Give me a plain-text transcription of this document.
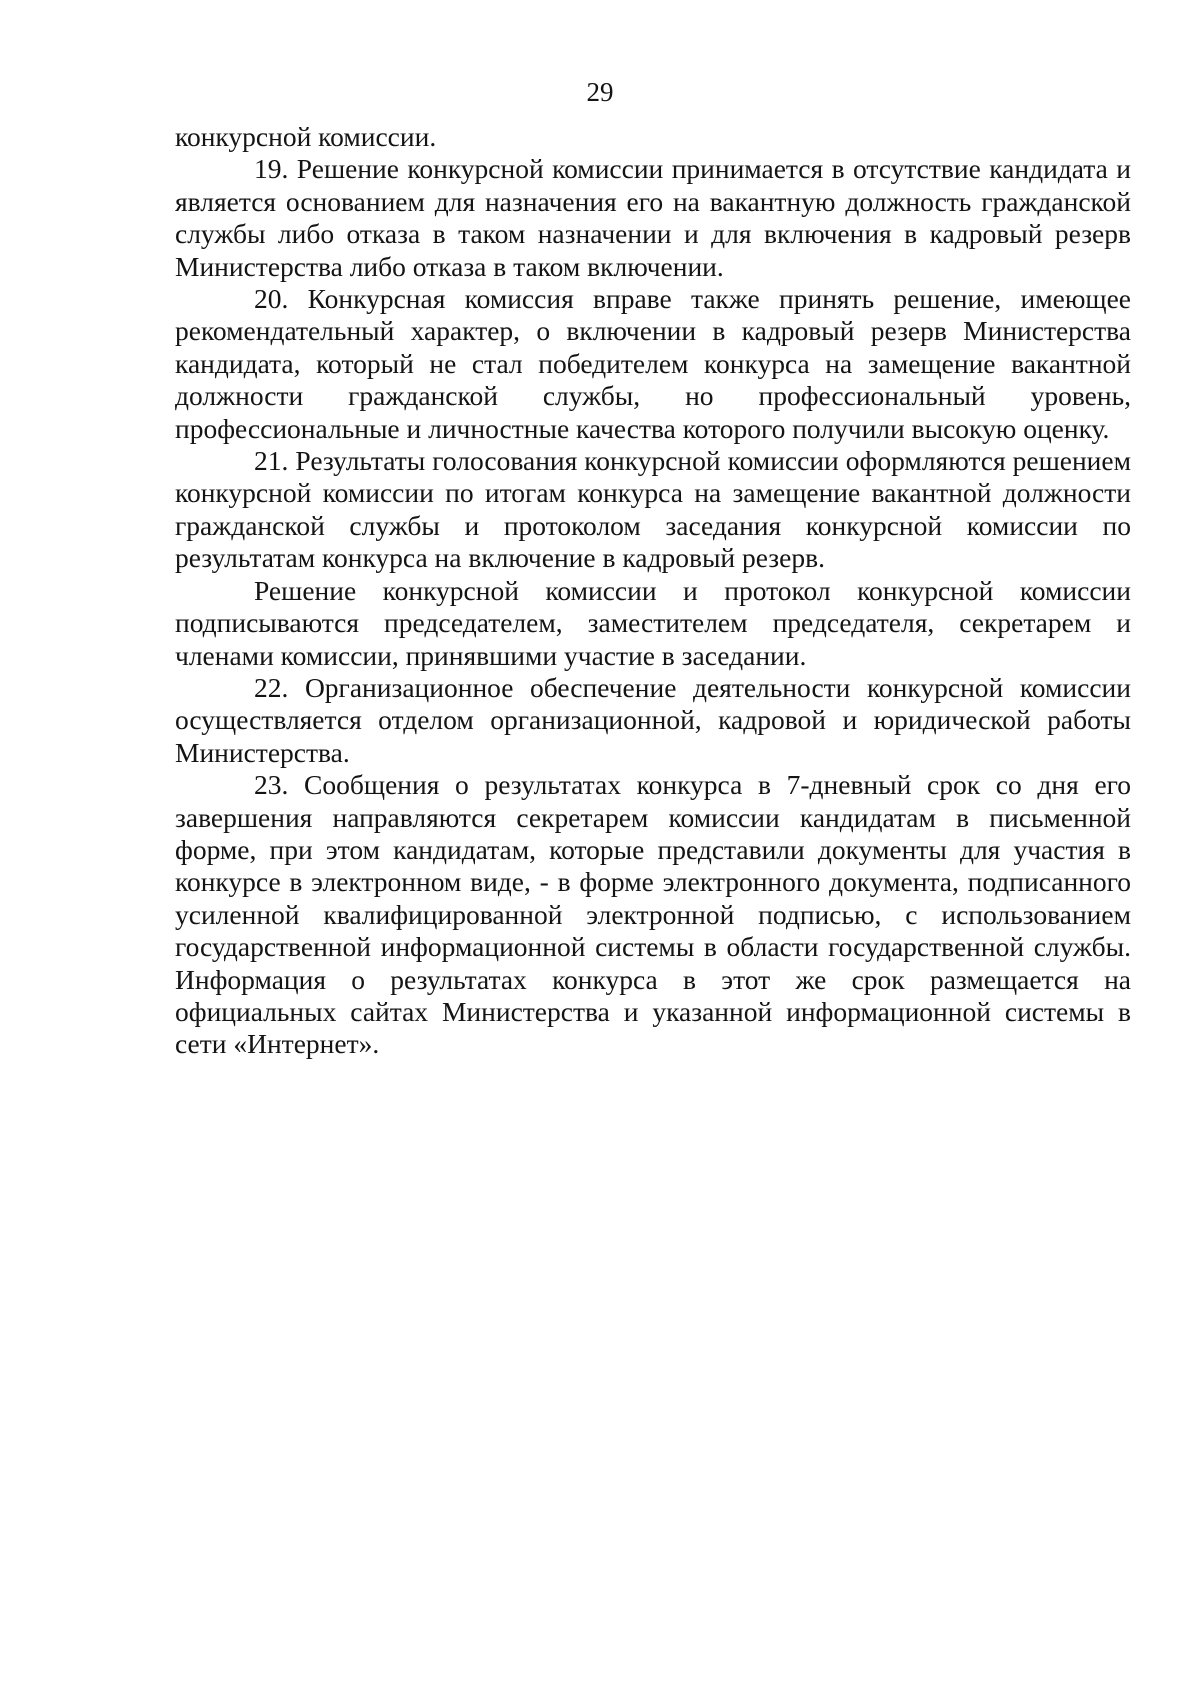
29

конкурсной комиссии.

19. Решение конкурсной комиссии принимается в отсутствие кандидата и является основанием для назначения его на вакантную должность гражданской службы либо отказа в таком назначении и для включения в кадровый резерв Министерства либо отказа в таком включении.

20. Конкурсная комиссия вправе также принять решение, имеющее рекомендательный характер, о включении в кадровый резерв Министерства кандидата, который не стал победителем конкурса на замещение вакантной должности гражданской службы, но профессиональный уровень, профессиональные и личностные качества которого получили высокую оценку.

21. Результаты голосования конкурсной комиссии оформляются решением конкурсной комиссии по итогам конкурса на замещение вакантной должности гражданской службы и протоколом заседания конкурсной комиссии по результатам конкурса на включение в кадровый резерв.

Решение конкурсной комиссии и протокол конкурсной комиссии подписываются председателем, заместителем председателя, секретарем и членами комиссии, принявшими участие в заседании.

22. Организационное обеспечение деятельности конкурсной комиссии осуществляется отделом организационной, кадровой и юридической работы Министерства.

23. Сообщения о результатах конкурса в 7-дневный срок со дня его завершения направляются секретарем комиссии кандидатам в письменной форме, при этом кандидатам, которые представили документы для участия в конкурсе в электронном виде, - в форме электронного документа, подписанного усиленной квалифицированной электронной подписью, с использованием государственной информационной системы в области государственной службы. Информация о результатах конкурса в этот же срок размещается на официальных сайтах Министерства и указанной информационной системы в сети «Интернет».
